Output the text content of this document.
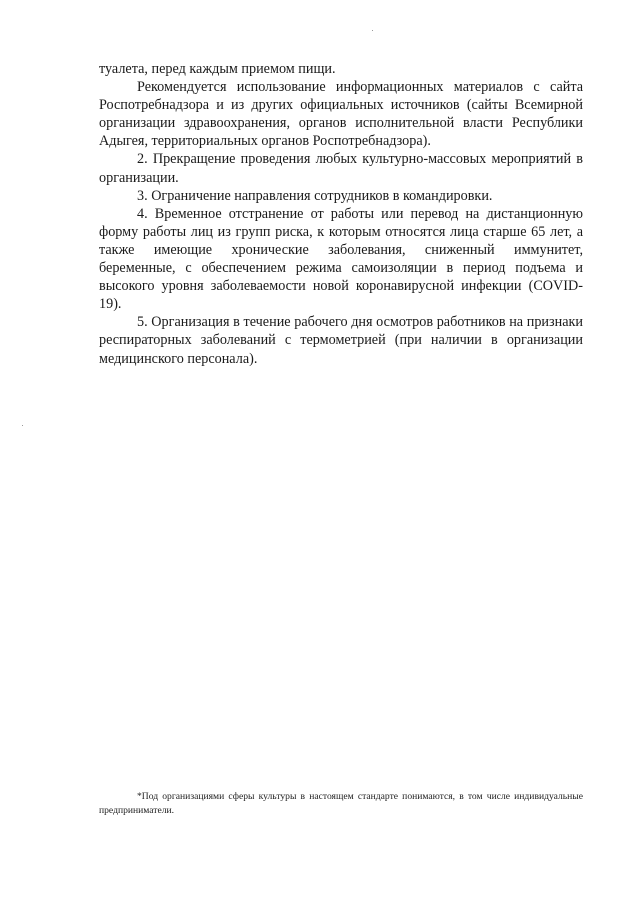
туалета, перед каждым приемом пищи.

Рекомендуется использование информационных материалов с сайта Роспотребнадзора и из других официальных источников (сайты Всемирной организации здравоохранения, органов исполнительной власти Республики Адыгея, территориальных органов Роспотребнадзора).

2. Прекращение проведения любых культурно-массовых мероприятий в организации.

3. Ограничение направления сотрудников в командировки.

4. Временное отстранение от работы или перевод на дистанционную форму работы лиц из групп риска, к которым относятся лица старше 65 лет, а также имеющие хронические заболевания, сниженный иммунитет, беременные, с обеспечением режима самоизоляции в период подъема и высокого уровня заболеваемости новой коронавирусной инфекции (COVID- 19).

5. Организация в течение рабочего дня осмотров работников на признаки респираторных заболеваний с термометрией (при наличии в организации медицинского персонала).

*Под организациями сферы культуры в настоящем стандарте понимаются, в том числе индивидуальные предприниматели.
